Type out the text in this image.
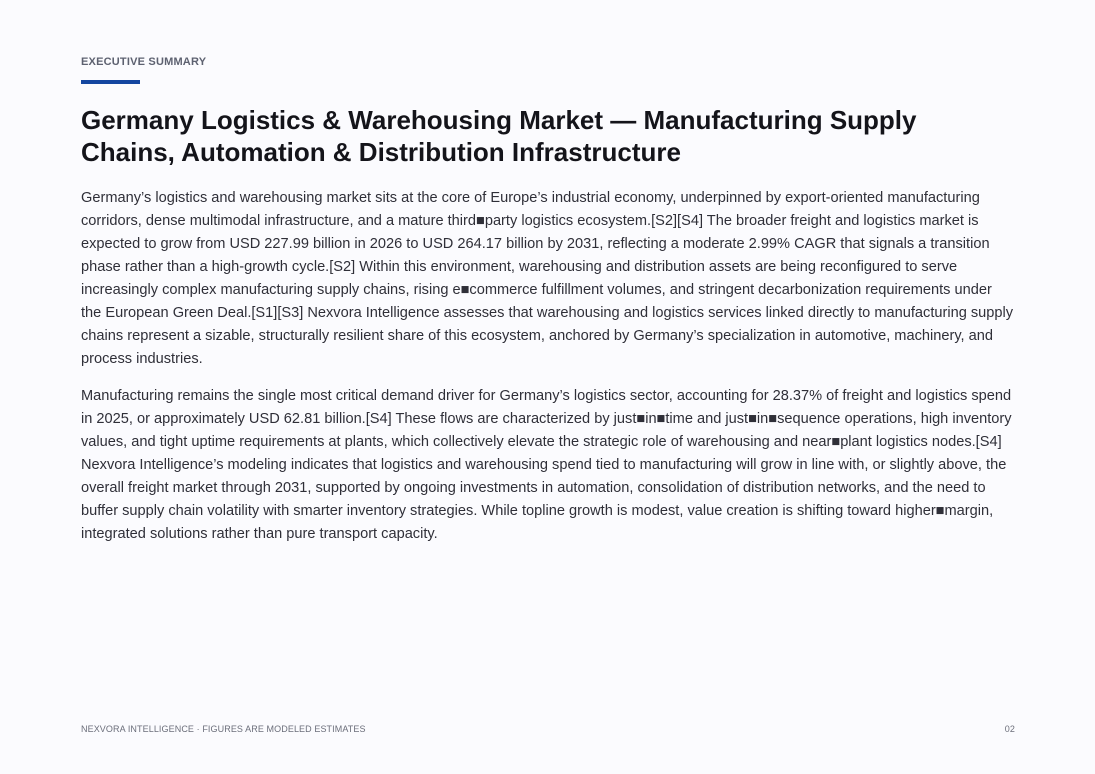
EXECUTIVE SUMMARY
Germany Logistics & Warehousing Market — Manufacturing Supply Chains, Automation & Distribution Infrastructure

Germany’s logistics and warehousing market sits at the core of Europe’s industrial economy, underpinned by export-oriented manufacturing corridors, dense multimodal infrastructure, and a mature third■party logistics ecosystem.[S2][S4] The broader freight and logistics market is expected to grow from USD 227.99 billion in 2026 to USD 264.17 billion by 2031, reflecting a moderate 2.99% CAGR that signals a transition phase rather than a high-growth cycle.[S2] Within this environment, warehousing and distribution assets are being reconfigured to serve increasingly complex manufacturing supply chains, rising e■commerce fulfillment volumes, and stringent decarbonization requirements under the European Green Deal.[S1][S3] Nexvora Intelligence assesses that warehousing and logistics services linked directly to manufacturing supply chains represent a sizable, structurally resilient share of this ecosystem, anchored by Germany’s specialization in automotive, machinery, and process industries.

Manufacturing remains the single most critical demand driver for Germany’s logistics sector, accounting for 28.37% of freight and logistics spend in 2025, or approximately USD 62.81 billion.[S4] These flows are characterized by just■in■time and just■in■sequence operations, high inventory values, and tight uptime requirements at plants, which collectively elevate the strategic role of warehousing and near■plant logistics nodes.[S4] Nexvora Intelligence’s modeling indicates that logistics and warehousing spend tied to manufacturing will grow in line with, or slightly above, the overall freight market through 2031, supported by ongoing investments in automation, consolidation of distribution networks, and the need to buffer supply chain volatility with smarter inventory strategies. While topline growth is modest, value creation is shifting toward higher■margin, integrated solutions rather than pure transport capacity.

NEXVORA INTELLIGENCE · FIGURES ARE MODELED ESTIMATES	02
